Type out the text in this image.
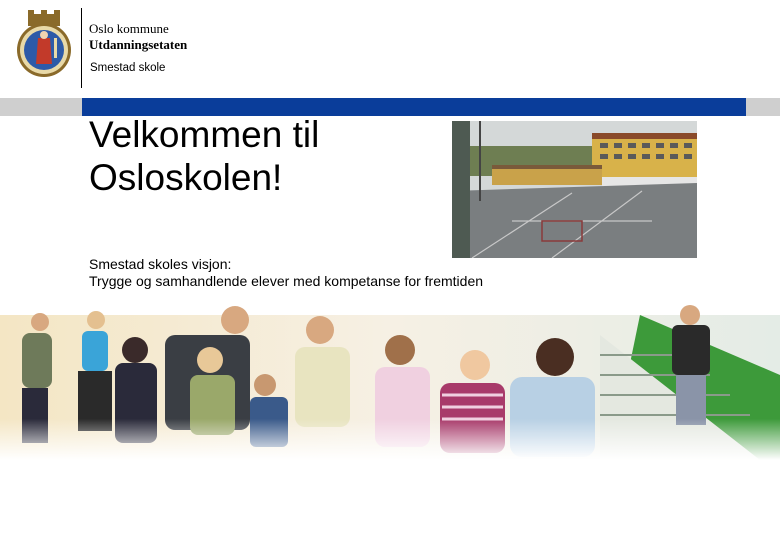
Oslo kommune
Utdanningsetaten
Smestad skole
Velkommen til
Osloskolen!
Smestad skoles visjon:
Trygge og samhandlende elever med kompetanse for fremtiden
